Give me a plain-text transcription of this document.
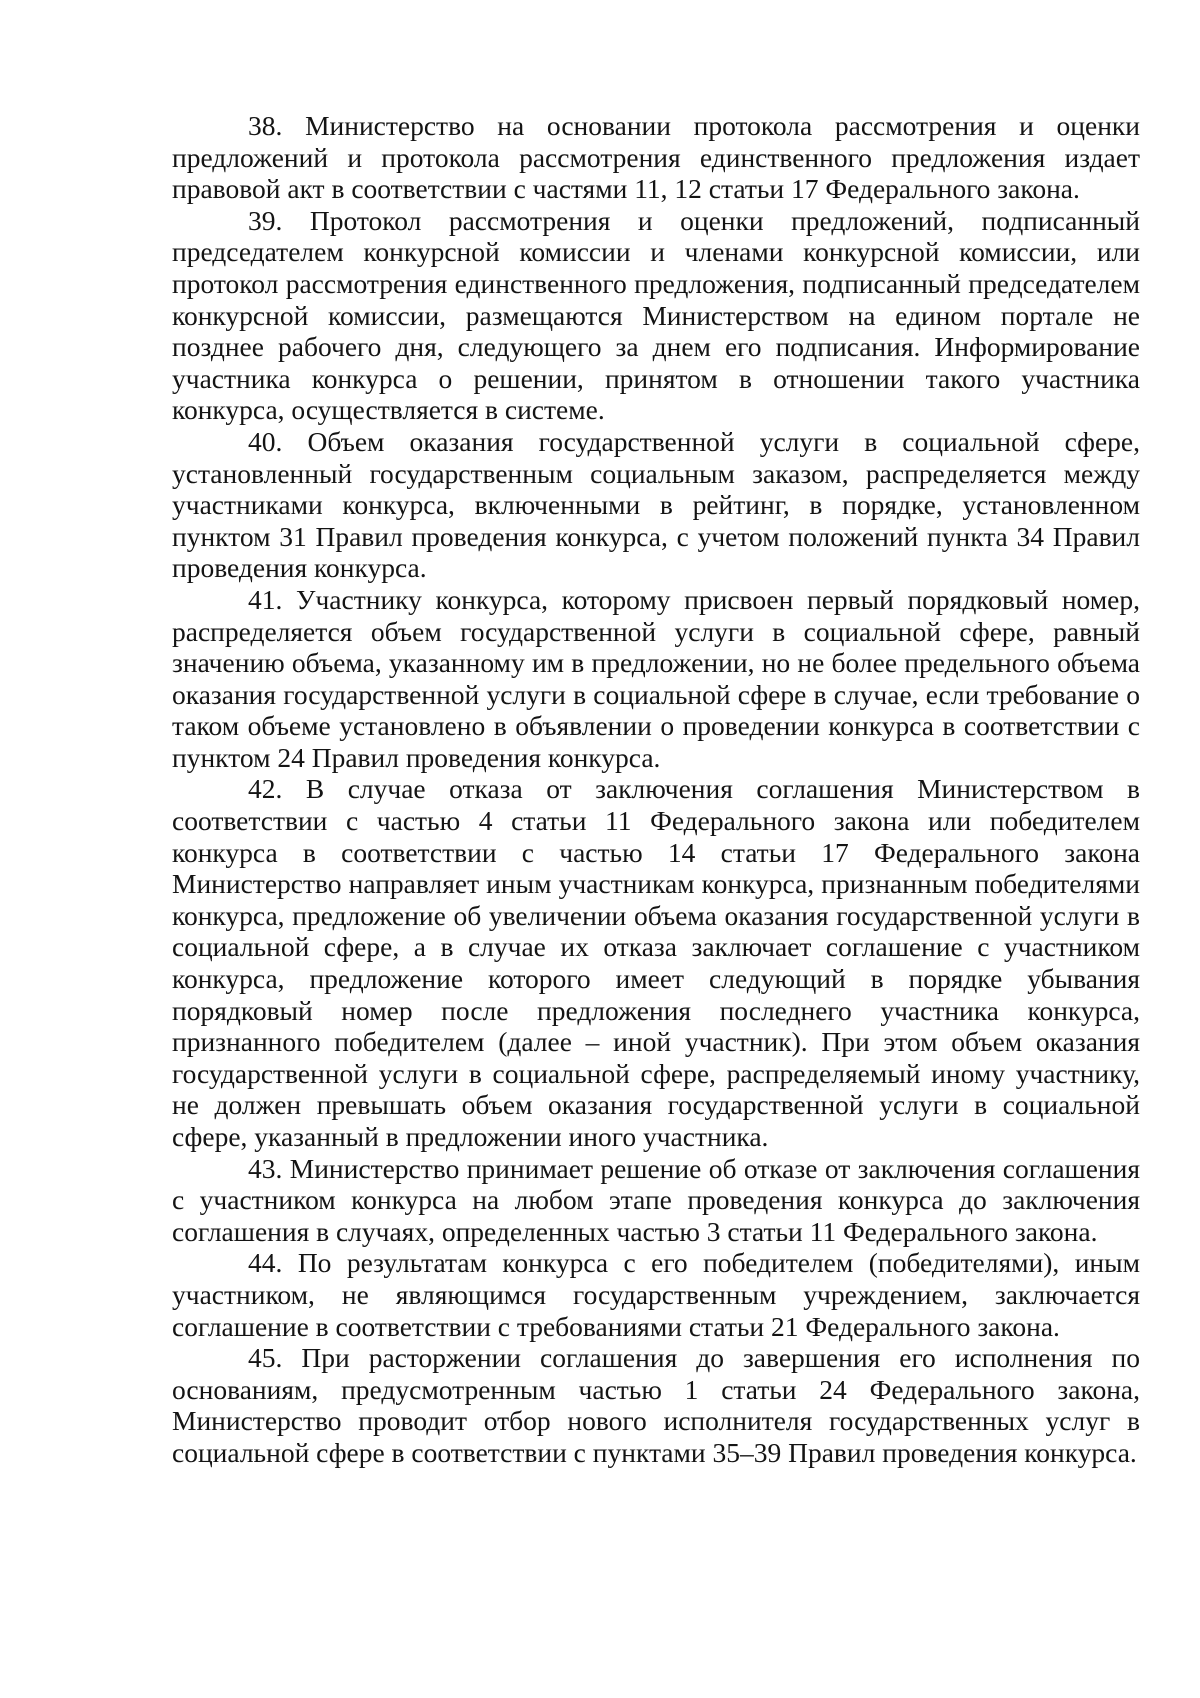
38. Министерство на основании протокола рассмотрения и оценки предложений и протокола рассмотрения единственного предложения издает правовой акт в соответствии с частями 11, 12 статьи 17 Федерального закона.

39. Протокол рассмотрения и оценки предложений, подписанный председателем конкурсной комиссии и членами конкурсной комиссии, или протокол рассмотрения единственного предложения, подписанный председателем конкурсной комиссии, размещаются Министерством на едином портале не позднее рабочего дня, следующего за днем его подписания. Информирование участника конкурса о решении, принятом в отношении такого участника конкурса, осуществляется в системе.

40. Объем оказания государственной услуги в социальной сфере, установленный государственным социальным заказом, распределяется между участниками конкурса, включенными в рейтинг, в порядке, установленном пунктом 31 Правил проведения конкурса, с учетом положений пункта 34 Правил проведения конкурса.

41. Участнику конкурса, которому присвоен первый порядковый номер, распределяется объем государственной услуги в социальной сфере, равный значению объема, указанному им в предложении, но не более предельного объема оказания государственной услуги в социальной сфере в случае, если требование о таком объеме установлено в объявлении о проведении конкурса в соответствии с пунктом 24 Правил проведения конкурса.

42. В случае отказа от заключения соглашения Министерством в соответствии с частью 4 статьи 11 Федерального закона или победителем конкурса в соответствии с частью 14 статьи 17 Федерального закона Министерство направляет иным участникам конкурса, признанным победителями конкурса, предложение об увеличении объема оказания государственной услуги в социальной сфере, а в случае их отказа заключает соглашение с участником конкурса, предложение которого имеет следующий в порядке убывания порядковый номер после предложения последнего участника конкурса, признанного победителем (далее – иной участник). При этом объем оказания государственной услуги в социальной сфере, распределяемый иному участнику, не должен превышать объем оказания государственной услуги в социальной сфере, указанный в предложении иного участника.

43. Министерство принимает решение об отказе от заключения соглашения с участником конкурса на любом этапе проведения конкурса до заключения соглашения в случаях, определенных частью 3 статьи 11 Федерального закона.

44. По результатам конкурса с его победителем (победителями), иным участником, не являющимся государственным учреждением, заключается соглашение в соответствии с требованиями статьи 21 Федерального закона.

45. При расторжении соглашения до завершения его исполнения по основаниям, предусмотренным частью 1 статьи 24 Федерального закона, Министерство проводит отбор нового исполнителя государственных услуг в социальной сфере в соответствии с пунктами 35–39 Правил проведения конкурса.
